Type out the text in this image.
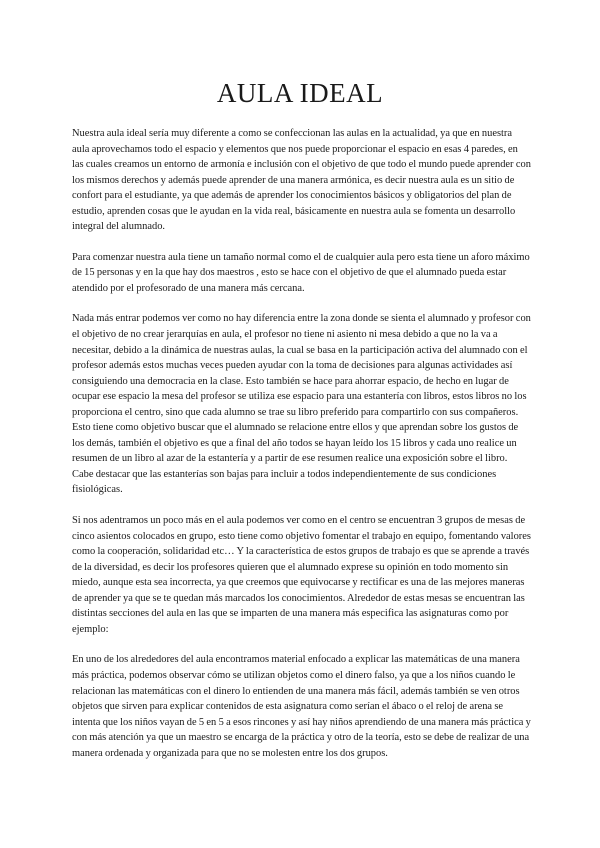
AULA IDEAL

Nuestra aula ideal sería muy diferente a como se confeccionan las aulas en la actualidad, ya que en nuestra aula aprovechamos todo el espacio y elementos que nos puede proporcionar el espacio en esas 4 paredes, en las cuales creamos un entorno de armonía e inclusión con el objetivo de que todo el mundo puede aprender con los mismos derechos y además puede aprender de una manera armónica, es decir nuestra aula es un sitio de confort para el estudiante, ya que además de aprender los conocimientos básicos y obligatorios del plan de estudio, aprenden cosas que le ayudan en la vida real, básicamente en nuestra aula se fomenta un desarrollo integral del alumnado.

Para comenzar nuestra aula tiene un tamaño normal como el de cualquier aula pero esta tiene un aforo máximo de 15 personas y en la que hay dos maestros , esto se hace con el objetivo de que el alumnado pueda estar atendido por el profesorado de una manera más cercana.

Nada más entrar podemos ver como no hay diferencia entre la zona donde se sienta el alumnado y profesor con el objetivo de no crear jerarquías en aula, el profesor no tiene ni asiento ni mesa debido a que no la va a necesitar, debido a la dinámica de nuestras aulas, la cual se basa en la participación activa del alumnado con el profesor además estos muchas veces pueden ayudar con la toma de decisiones para algunas actividades así consiguiendo una democracia en la clase. Esto también se hace para ahorrar espacio, de hecho en lugar de ocupar ese espacio la mesa del profesor se utiliza ese espacio para una estantería con libros, estos libros no los proporciona el centro, sino que cada alumno se trae su libro preferido para compartirlo con sus compañeros. Esto tiene como objetivo buscar que el alumnado se relacione entre ellos y que aprendan sobre los gustos de los demás, también el objetivo es que a final del año todos se hayan leído los 15 libros y cada uno realice un resumen de un libro al azar de la estantería y a partir de ese resumen realice una exposición sobre el libro. Cabe destacar que las estanterías son bajas para incluir a todos independientemente de sus condiciones fisiológicas.

Si nos adentramos un poco más en el aula podemos ver como en el centro se encuentran 3 grupos de mesas de cinco asientos colocados en grupo, esto tiene como objetivo fomentar el trabajo en equipo, fomentando valores como la cooperación, solidaridad etc… Y la característica de estos grupos de trabajo es que se aprende a través de la diversidad, es decir los profesores quieren que el alumnado exprese su opinión en todo momento sin miedo, aunque esta sea incorrecta, ya que creemos que equivocarse y rectificar es una de las mejores maneras de aprender ya que se te quedan más marcados los conocimientos. Alrededor de estas mesas se encuentran las distintas secciones del aula en las que se imparten de una manera más especifica las asignaturas como por ejemplo:

En uno de los alrededores del aula encontramos material enfocado a explicar las matemáticas de una manera más práctica, podemos observar cómo se utilizan objetos como el dinero falso, ya que a los niños cuando le relacionan las matemáticas con el dinero lo entienden de una manera más fácil, además también se ven otros objetos que sirven para explicar contenidos de esta asignatura como serían el ábaco o el reloj de arena se intenta que los niños vayan de 5 en 5 a esos rincones y así hay niños aprendiendo de una manera más práctica y con más atención ya que un maestro se encarga de la práctica y otro de la teoría, esto se debe de realizar de una manera ordenada y organizada para que no se molesten entre los dos grupos.
